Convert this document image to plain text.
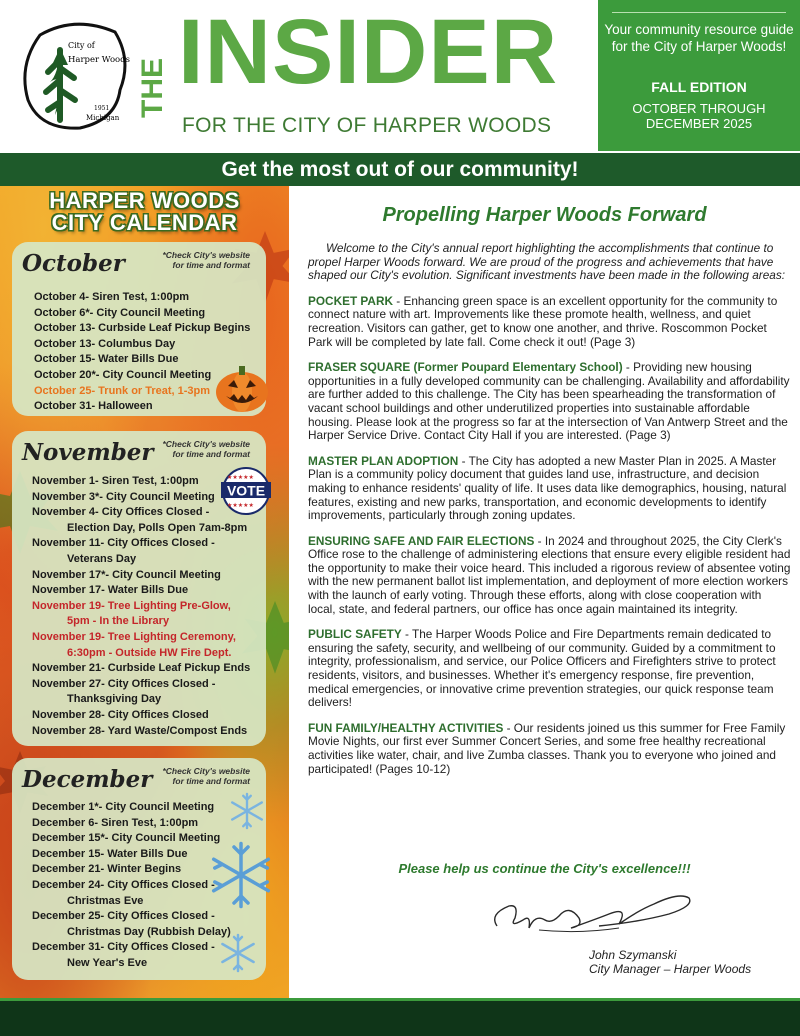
City of
Harper Woods
1951
Michigan THE INSIDER
FOR THE CITY OF HARPER WOODS
Your community resource guide for the City of Harper Woods!
FALL EDITION
OCTOBER THROUGH DECEMBER 2025
Get the most out of our community!
HARPER WOODS
CITY CALENDAR
October	*Check City's website for time and format
October 4- Siren Test, 1:00pm
October 6*- City Council Meeting
October 13- Curbside Leaf Pickup Begins
October 13- Columbus Day
October 15- Water Bills Due
October 20*- City Council Meeting
October 25- Trunk or Treat, 1-3pm
October 31- Halloween
November	*Check City's website for time and format
November 1- Siren Test, 1:00pm
November 3*- City Council Meeting
November 4- City Offices Closed -
Election Day, Polls Open 7am-8pm
November 11- City Offices Closed -
Veterans Day
November 17*- City Council Meeting
November 17- Water Bills Due
November 19- Tree Lighting Pre-Glow,
5pm - In the Library
November 19- Tree Lighting Ceremony,
6:30pm - Outside HW Fire Dept.
November 21- Curbside Leaf Pickup Ends
November 27- City Offices Closed -
Thanksgiving Day
November 28- City Offices Closed
November 28- Yard Waste/Compost Ends
★★★★★
VOTE
★★★★★
December	*Check City's website for time and format
December 1*- City Council Meeting
December 6- Siren Test, 1:00pm
December 15*- City Council Meeting
December 15- Water Bills Due
December 21- Winter Begins
December 24- City Offices Closed -
Christmas Eve
December 25- City Offices Closed -
Christmas Day (Rubbish Delay)
December 31- City Offices Closed -
New Year's Eve
Propelling Harper Woods Forward

Welcome to the City's annual report highlighting the accomplishments that continue to propel Harper Woods forward. We are proud of the progress and achievements that have shaped our City's evolution. Significant investments have been made in the following areas:

POCKET PARK - Enhancing green space is an excellent opportunity for the community to connect nature with art. Improvements like these promote health, wellness, and quiet recreation. Visitors can gather, get to know one another, and thrive. Roscommon Pocket Park will be completed by late fall. Come check it out! (Page 3)

FRASER SQUARE (Former Poupard Elementary School) - Providing new housing opportunities in a fully developed community can be challenging. Availability and affordability are further added to this challenge. The City has been spearheading the transformation of vacant school buildings and other underutilized properties into sustainable affordable housing. Please look at the progress so far at the intersection of Van Antwerp Street and the Harper Service Drive. Contact City Hall if you are interested. (Page 3)

MASTER PLAN ADOPTION - The City has adopted a new Master Plan in 2025. A Master Plan is a community policy document that guides land use, infrastructure, and decision making to enhance residents' quality of life. It uses data like demographics, housing, natural features, existing and new parks, transportation, and economic developments to identify improvements, particularly through zoning updates.

ENSURING SAFE AND FAIR ELECTIONS - In 2024 and throughout 2025, the City Clerk's Office rose to the challenge of administering elections that ensure every eligible resident had the opportunity to make their voice heard. This included a rigorous review of absentee voting with the new permanent ballot list implementation, and deployment of more election workers with the launch of early voting. Through these efforts, along with close cooperation with local, state, and federal partners, our office has once again maintained its integrity.

PUBLIC SAFETY - The Harper Woods Police and Fire Departments remain dedicated to ensuring the safety, security, and wellbeing of our community. Guided by a commitment to integrity, professionalism, and service, our Police Officers and Firefighters strive to protect residents, visitors, and businesses. Whether it's emergency response, fire prevention, medical emergencies, or innovative crime prevention strategies, our quick response team delivers!

FUN FAMILY/HEALTHY ACTIVITIES - Our residents joined us this summer for Free Family Movie Nights, our first ever Summer Concert Series, and some free healthy recreational activities like water, chair, and live Zumba classes. Thank you to everyone who joined and participated! (Pages 10-12)

Please help us continue the City's excellence!!!
John Szymanski
City Manager – Harper Woods
